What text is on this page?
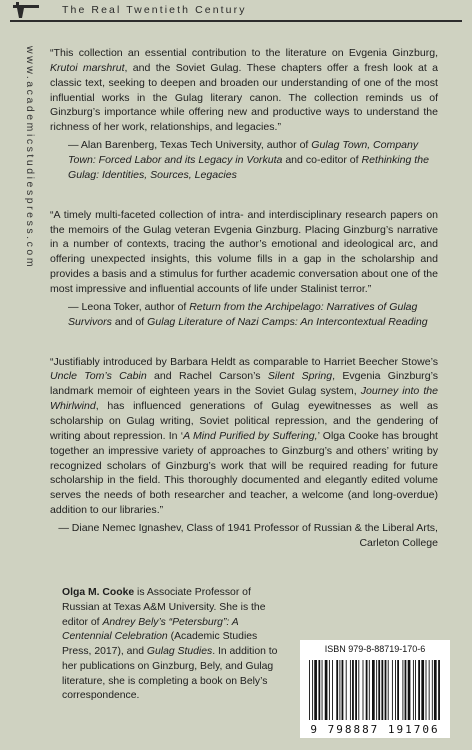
The Real Twentieth Century
www.academicstudiespress.com “This collection an essential contribution to the literature on Evgenia Ginzburg, Krutoi marshrut, and the Soviet Gulag. These chapters offer a fresh look at a classic text, seeking to deepen and broaden our understanding of one of the most influential works in the Gulag literary canon. The collection reminds us of Ginzburg’s importance while offering new and productive ways to understand the richness of her work, relationships, and legacies.”

— Alan Barenberg, Texas Tech University, author of Gulag Town, Company Town: Forced Labor and its Legacy in Vorkuta and co-editor of Rethinking the Gulag: Identities, Sources, Legacies

“A timely multi-faceted collection of intra- and interdisciplinary research papers on the memoirs of the Gulag veteran Evgenia Ginzburg. Placing Ginzburg’s narrative in a number of contexts, tracing the author’s emotional and ideological arc, and offering unexpected insights, this volume fills in a gap in the scholarship and provides a basis and a stimulus for further academic conversation about one of the most impressive and influential accounts of life under Stalinist terror.”

— Leona Toker, author of Return from the Archipelago: Narratives of Gulag Survivors and of Gulag Literature of Nazi Camps: An Intercontextual Reading

“Justifiably introduced by Barbara Heldt as comparable to Harriet Beecher Stowe’s Uncle Tom’s Cabin and Rachel Carson’s Silent Spring, Evgenia Ginzburg’s landmark memoir of eighteen years in the Soviet Gulag system, Journey into the Whirlwind, has influenced generations of Gulag eyewitnesses as well as scholarship on Gulag writing, Soviet political repression, and the gendering of writing about repression. In ‘A Mind Purified by Suffering,’ Olga Cooke has brought together an impressive variety of approaches to Ginzburg’s and others’ writing by recognized scholars of Ginzburg’s work that will be required reading for future scholarship in the field. This thoroughly documented and elegantly edited volume serves the needs of both researcher and teacher, a welcome (and long-overdue) addition to our libraries.”

— Diane Nemec Ignashev, Class of 1941 Professor of Russian & the Liberal Arts, Carleton College

Olga M. Cooke is Associate Professor of Russian at Texas A&M University. She is the editor of Andrey Bely’s “Petersburg”: A Centennial Celebration (Academic Studies Press, 2017), and Gulag Studies. In addition to her publications on Ginzburg, Bely, and Gulag literature, she is completing a book on Bely’s correspondence.

ISBN 979-8-88719-170-6
9 798887 191706
